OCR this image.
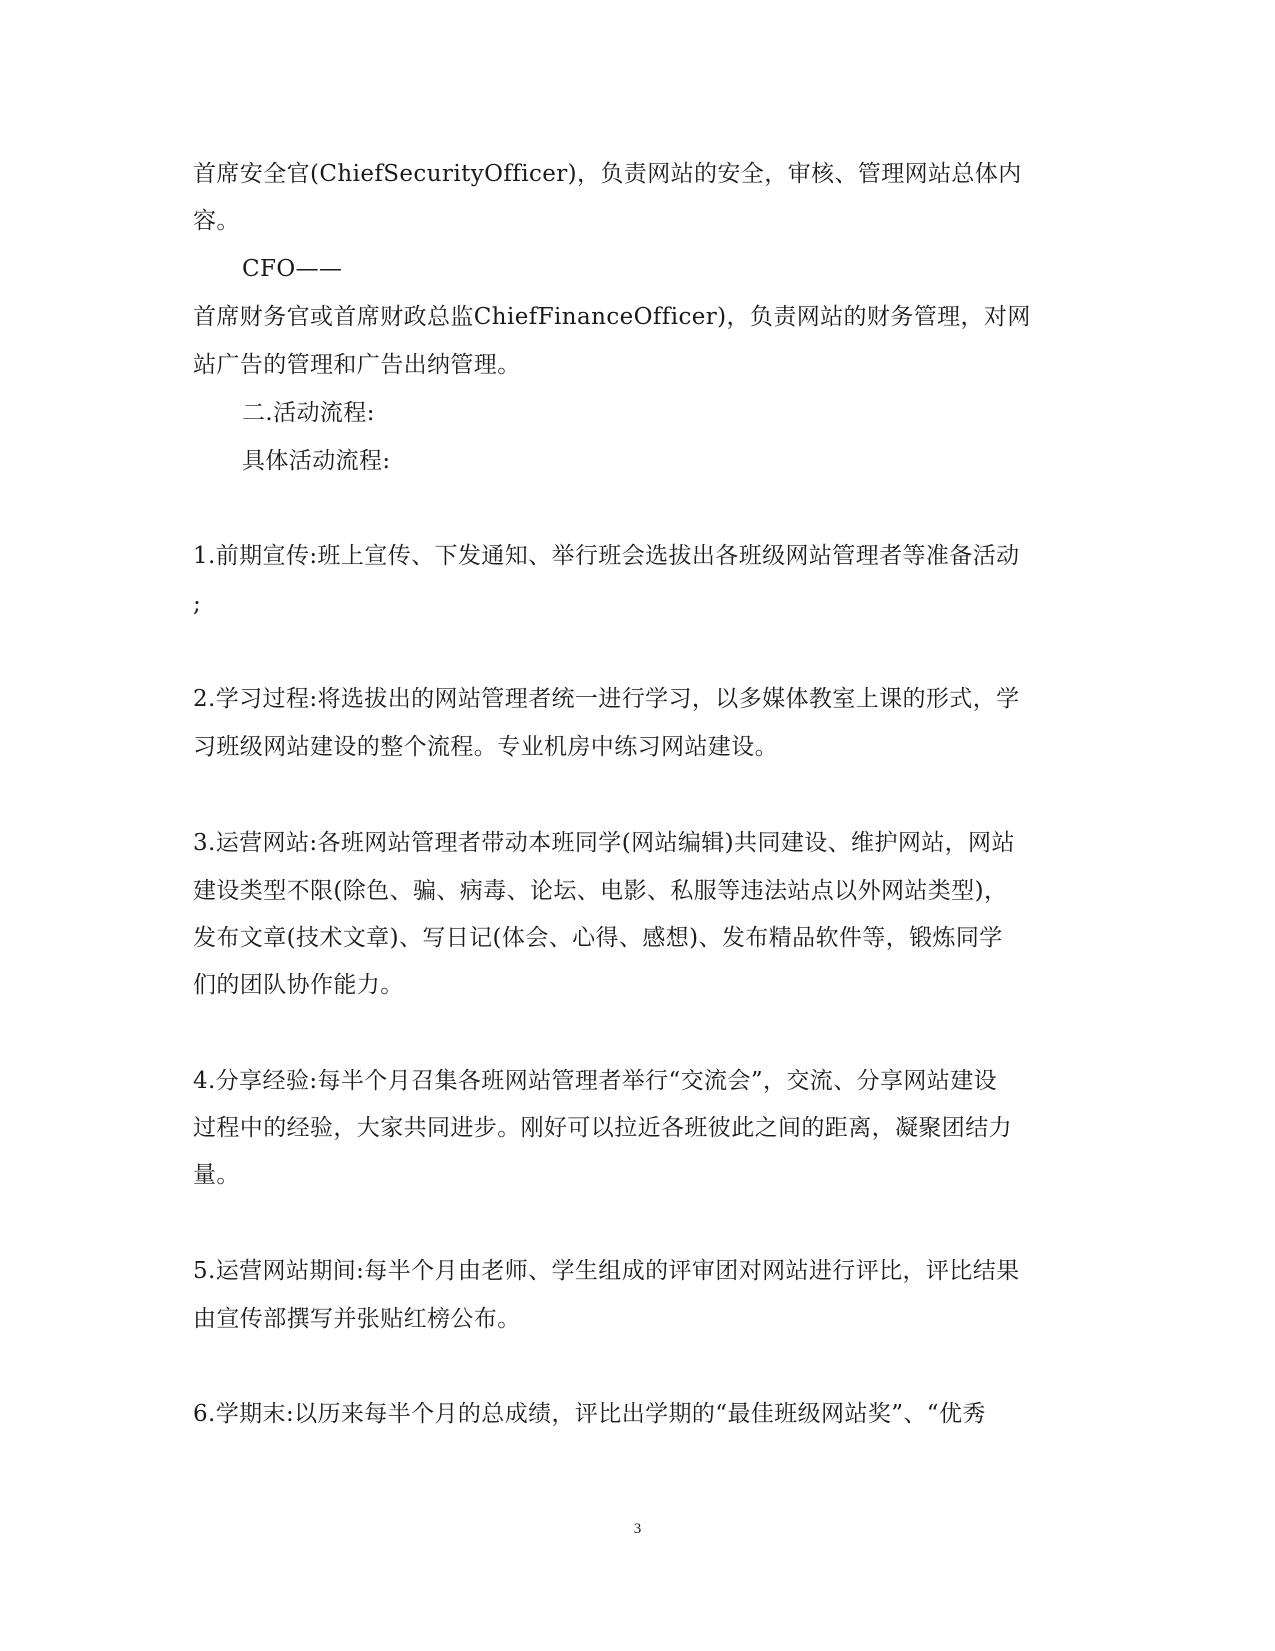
首席安全官(ChiefSecurityOfficer)，负责网站的安全，审核、管理网站总体内
容。
CFO——
首席财务官或首席财政总监ChiefFinanceOfficer)，负责网站的财务管理，对网
站广告的管理和广告出纳管理。
二.活动流程:
具体活动流程:
1.前期宣传:班上宣传、下发通知、举行班会选拔出各班级网站管理者等准备活动
;
2.学习过程:将选拔出的网站管理者统一进行学习，以多媒体教室上课的形式，学
习班级网站建设的整个流程。专业机房中练习网站建设。
3.运营网站:各班网站管理者带动本班同学(网站编辑)共同建设、维护网站，网站
建设类型不限(除色、骗、病毒、论坛、电影、私服等违法站点以外网站类型)，
发布文章(技术文章)、写日记(体会、心得、感想)、发布精品软件等，锻炼同学
们的团队协作能力。
4.分享经验:每半个月召集各班网站管理者举行“交流会”，交流、分享网站建设
过程中的经验，大家共同进步。刚好可以拉近各班彼此之间的距离，凝聚团结力
量。
5.运营网站期间:每半个月由老师、学生组成的评审团对网站进行评比，评比结果
由宣传部撰写并张贴红榜公布。
6.学期末:以历来每半个月的总成绩，评比出学期的“最佳班级网站奖”、“优秀
3
